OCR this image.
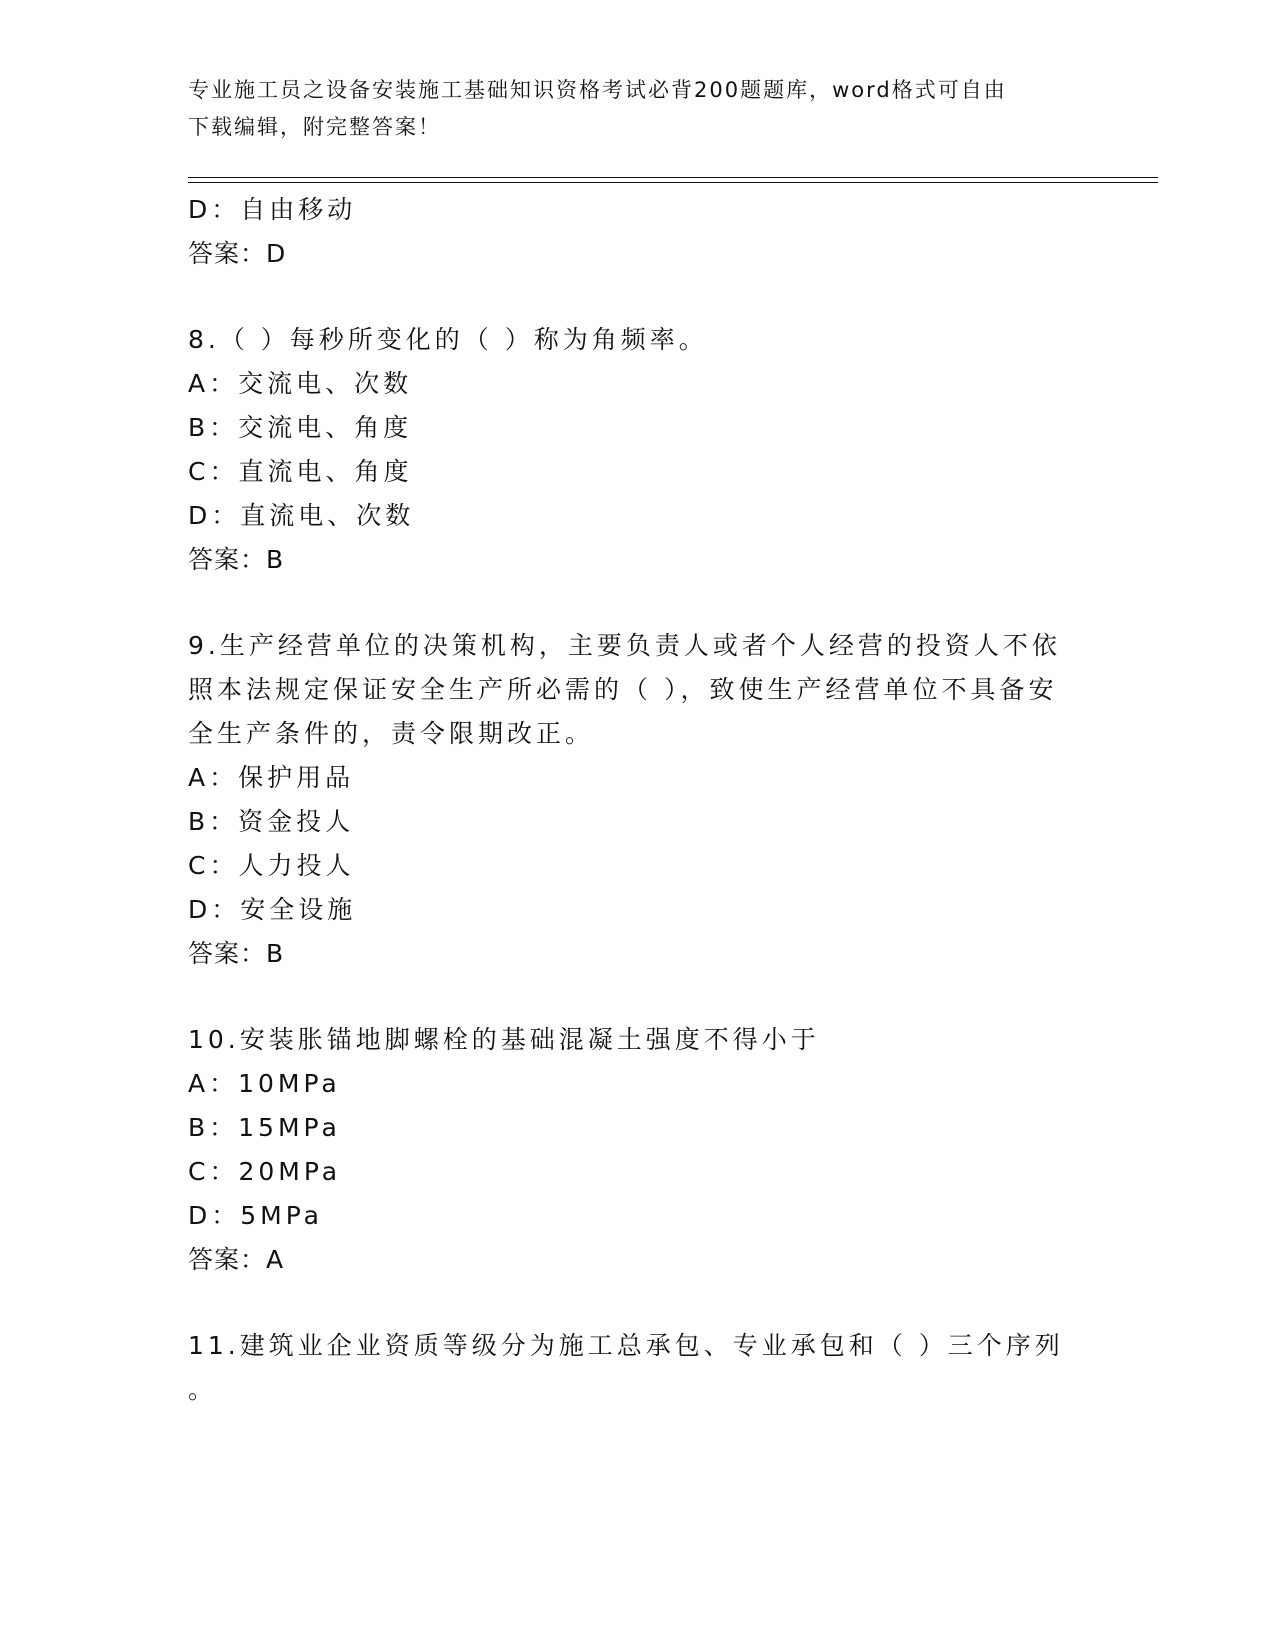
专业施工员之设备安装施工基础知识资格考试必背200题题库，word格式可自由
下载编辑，附完整答案！
D：自由移动
答案：D
8.（ ）每秒所变化的（ ）称为角频率。
A：交流电、次数
B：交流电、角度
C：直流电、角度
D：直流电、次数
答案：B
9.生产经营单位的决策机构，主要负责人或者个人经营的投资人不依
照本法规定保证安全生产所必需的（ ），致使生产经营单位不具备安
全生产条件的，责令限期改正。
A：保护用品
B：资金投人
C：人力投人
D：安全设施
答案：B
10.安装胀锚地脚螺栓的基础混凝土强度不得小于
A：10MPa
B：15MPa
C：20MPa
D：5MPa
答案：A
11.建筑业企业资质等级分为施工总承包、专业承包和（ ）三个序列
。
